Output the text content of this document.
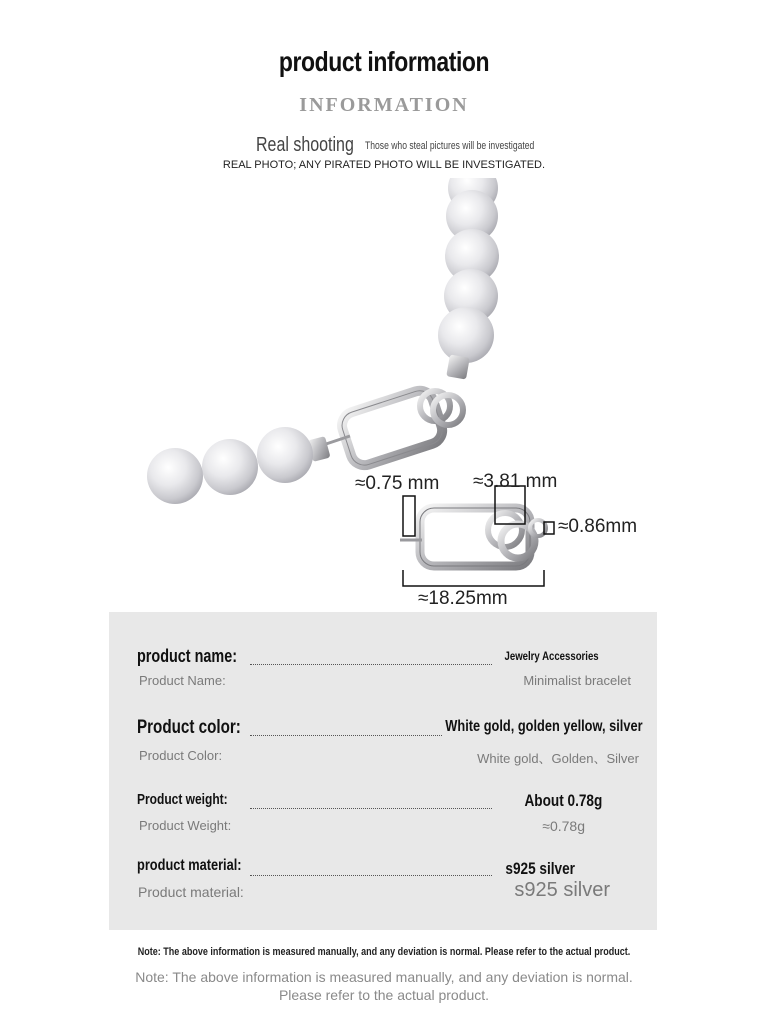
product information
INFORMATION
Real shooting Those who steal pictures will be investigated
REAL PHOTO; ANY PIRATED PHOTO WILL BE INVESTIGATED.
≈0.75 mm ≈3.81 mm
≈0.86mm
≈18.25mm
product name:	Jewelry Accessories
Product Name:	Minimalist bracelet
Product color:	White gold, golden yellow, silver
Product Color:	White gold、Golden、Silver
Product weight:	About 0.78g
Product Weight:	≈0.78g
product material:	s925 silver
Product material:	s925 silver
Note: The above information is measured manually, and any deviation is normal. Please refer to the actual product.
Note: The above information is measured manually, and any deviation is normal.
Please refer to the actual product.
